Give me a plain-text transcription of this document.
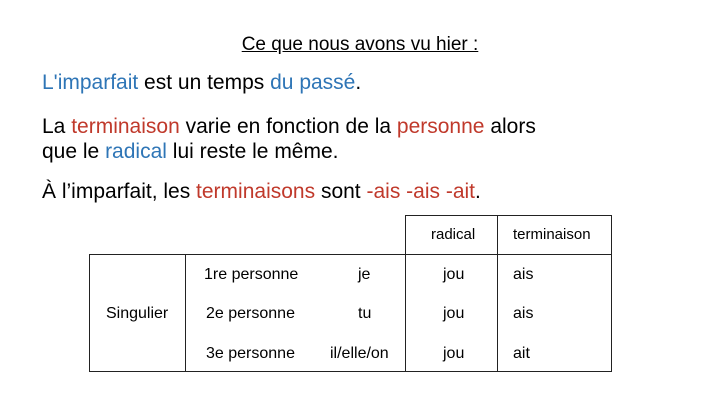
Ce que nous avons vu hier :
L'imparfait est un temps du passé.
La terminaison varie en fonction de la personne alors
que le radical lui reste le même.
À l’imparfait, les terminaisons sont -ais -ais -ait.
radical	terminaison
Singulier
1re personne	je	jou	ais
2e personne	tu	jou	ais
3e personne il/elle/on	jou	ait
